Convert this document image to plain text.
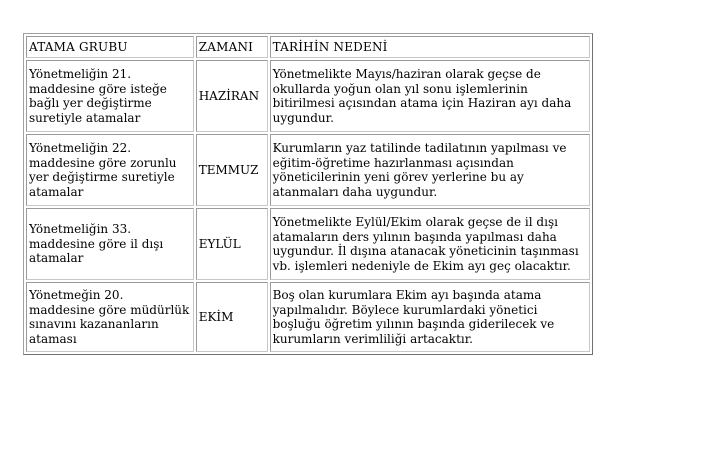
ATAMA GRUBU	ZAMANI	TARİHİN NEDENİ
Yönetmeliğin 21. maddesine göre isteğe bağlı yer değiştirme suretiyle atamalar	HAZİRAN	Yönetmelikte Mayıs/haziran olarak geçse de okullarda yoğun olan yıl sonu işlemlerinin bitirilmesi açısından atama için Haziran ayı daha uygundur.
Yönetmeliğin 22. maddesine göre zorunlu yer değiştirme suretiyle atamalar	TEMMUZ	Kurumların yaz tatilinde tadilatının yapılması ve eğitim-öğretime hazırlanması açısından yöneticilerinin yeni görev yerlerine bu ay atanmaları daha uygundur.
Yönetmeliğin 33. maddesine göre il dışı atamalar	EYLÜL	Yönetmelikte Eylül/Ekim olarak geçse de il dışı atamaların ders yılının başında yapılması daha uygundur. İl dışına atanacak yöneticinin taşınması vb. işlemleri nedeniyle de Ekim ayı geç olacaktır.
Yönetmeğin 20. maddesine göre müdürlük sınavını kazananların ataması	EKİM	Boş olan kurumlara Ekim ayı başında atama yapılmalıdır. Böylece kurumlardaki yönetici boşluğu öğretim yılının başında giderilecek ve kurumların verimliliği artacaktır.
